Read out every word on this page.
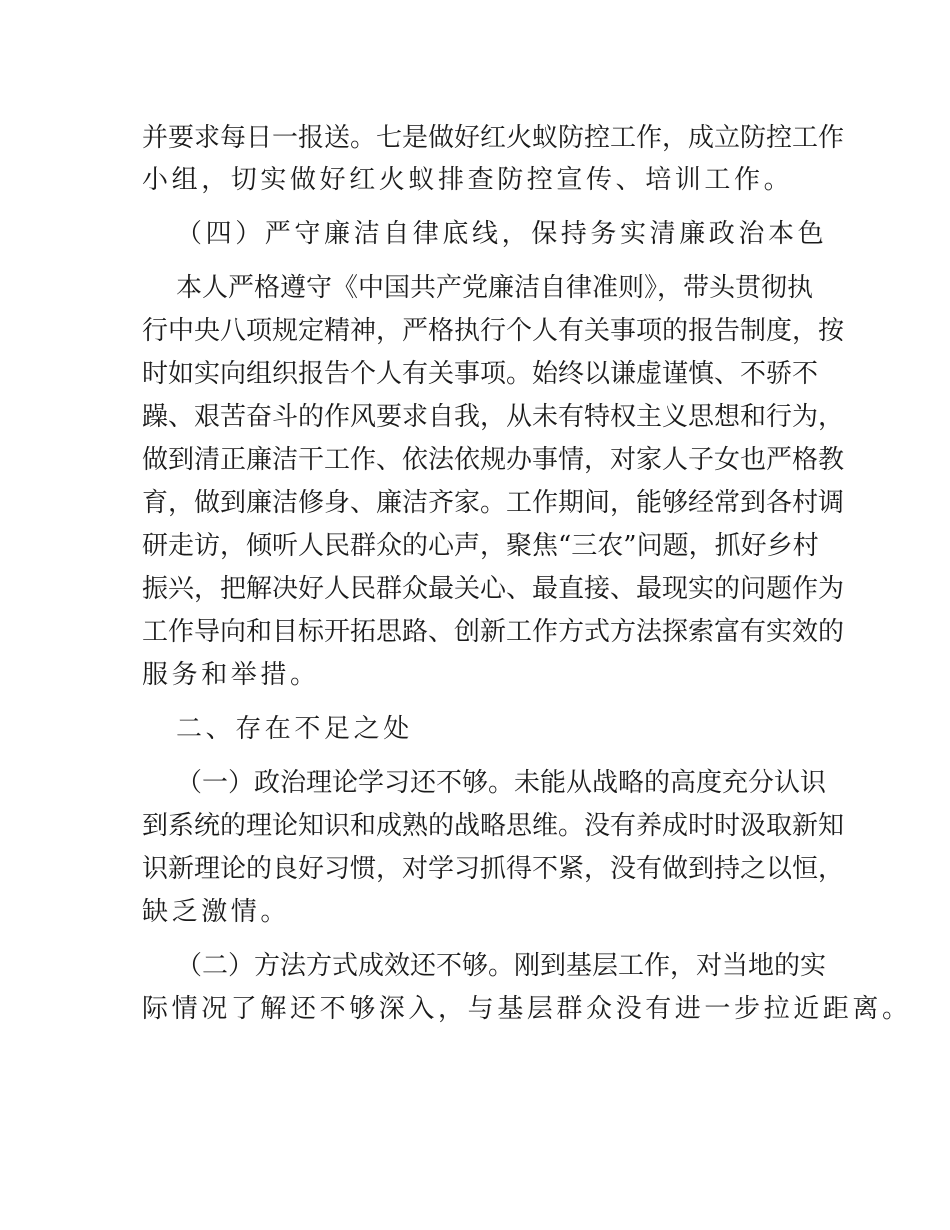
并要求每日一报送。七是做好红火蚁防控工作，成立防控工作
小组，切实做好红火蚁排查防控宣传、培训工作。
（四）严守廉洁自律底线，保持务实清廉政治本色
本人严格遵守《中国共产党廉洁自律准则》，带头贯彻执
行中央八项规定精神，严格执行个人有关事项的报告制度，按
时如实向组织报告个人有关事项。始终以谦虚谨慎、不骄不
躁、艰苦奋斗的作风要求自我，从未有特权主义思想和行为，
做到清正廉洁干工作、依法依规办事情，对家人子女也严格教
育，做到廉洁修身、廉洁齐家。工作期间，能够经常到各村调
研走访，倾听人民群众的心声，聚焦“三农”问题，抓好乡村
振兴，把解决好人民群众最关心、最直接、最现实的问题作为
工作导向和目标开拓思路、创新工作方式方法探索富有实效的
服务和举措。
二、存在不足之处
（一）政治理论学习还不够。未能从战略的高度充分认识
到系统的理论知识和成熟的战略思维。没有养成时时汲取新知
识新理论的良好习惯，对学习抓得不紧，没有做到持之以恒，
缺乏激情。
（二）方法方式成效还不够。刚到基层工作，对当地的实
际情况了解还不够深入，与基层群众没有进一步拉近距离。
